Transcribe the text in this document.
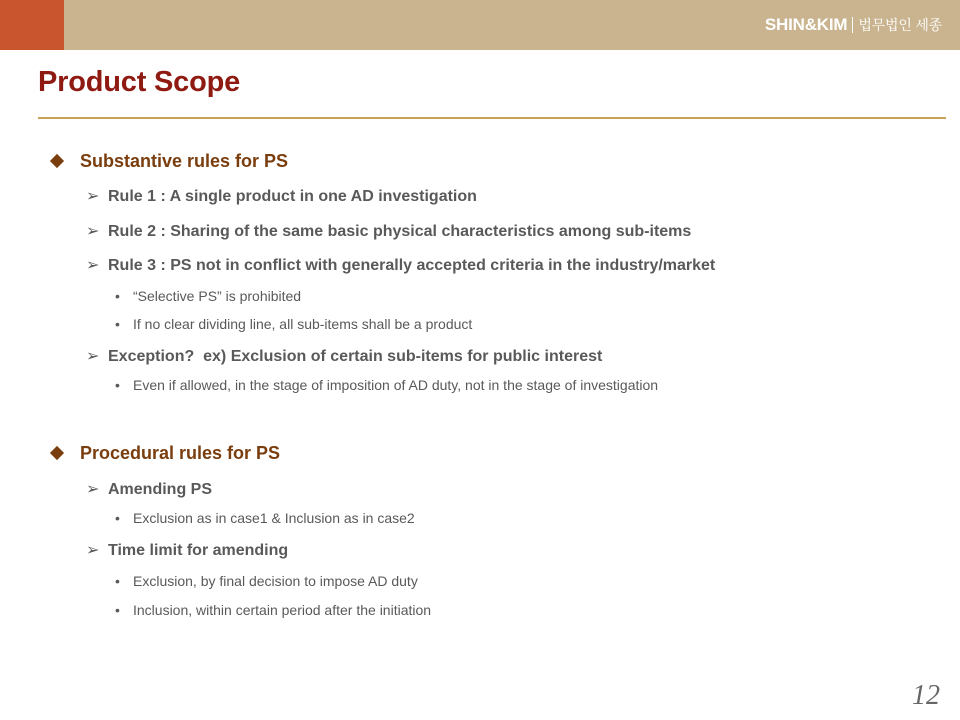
SHIN&KIM 법무법인 세종
Product Scope
Substantive rules for PS
➢ Rule 1 : A single product in one AD investigation
➢ Rule 2 : Sharing of the same basic physical characteristics among sub-items
➢ Rule 3 : PS not in conflict with generally accepted criteria in the industry/market
• “Selective PS” is prohibited
• If no clear dividing line, all sub-items shall be a product
➢ Exception?  ex) Exclusion of certain sub-items for public interest
• Even if allowed, in the stage of imposition of AD duty, not in the stage of investigation
Procedural rules for PS
➢ Amending PS
• Exclusion as in case1 & Inclusion as in case2
➢ Time limit for amending
• Exclusion, by final decision to impose AD duty
• Inclusion, within certain period after the initiation
12
